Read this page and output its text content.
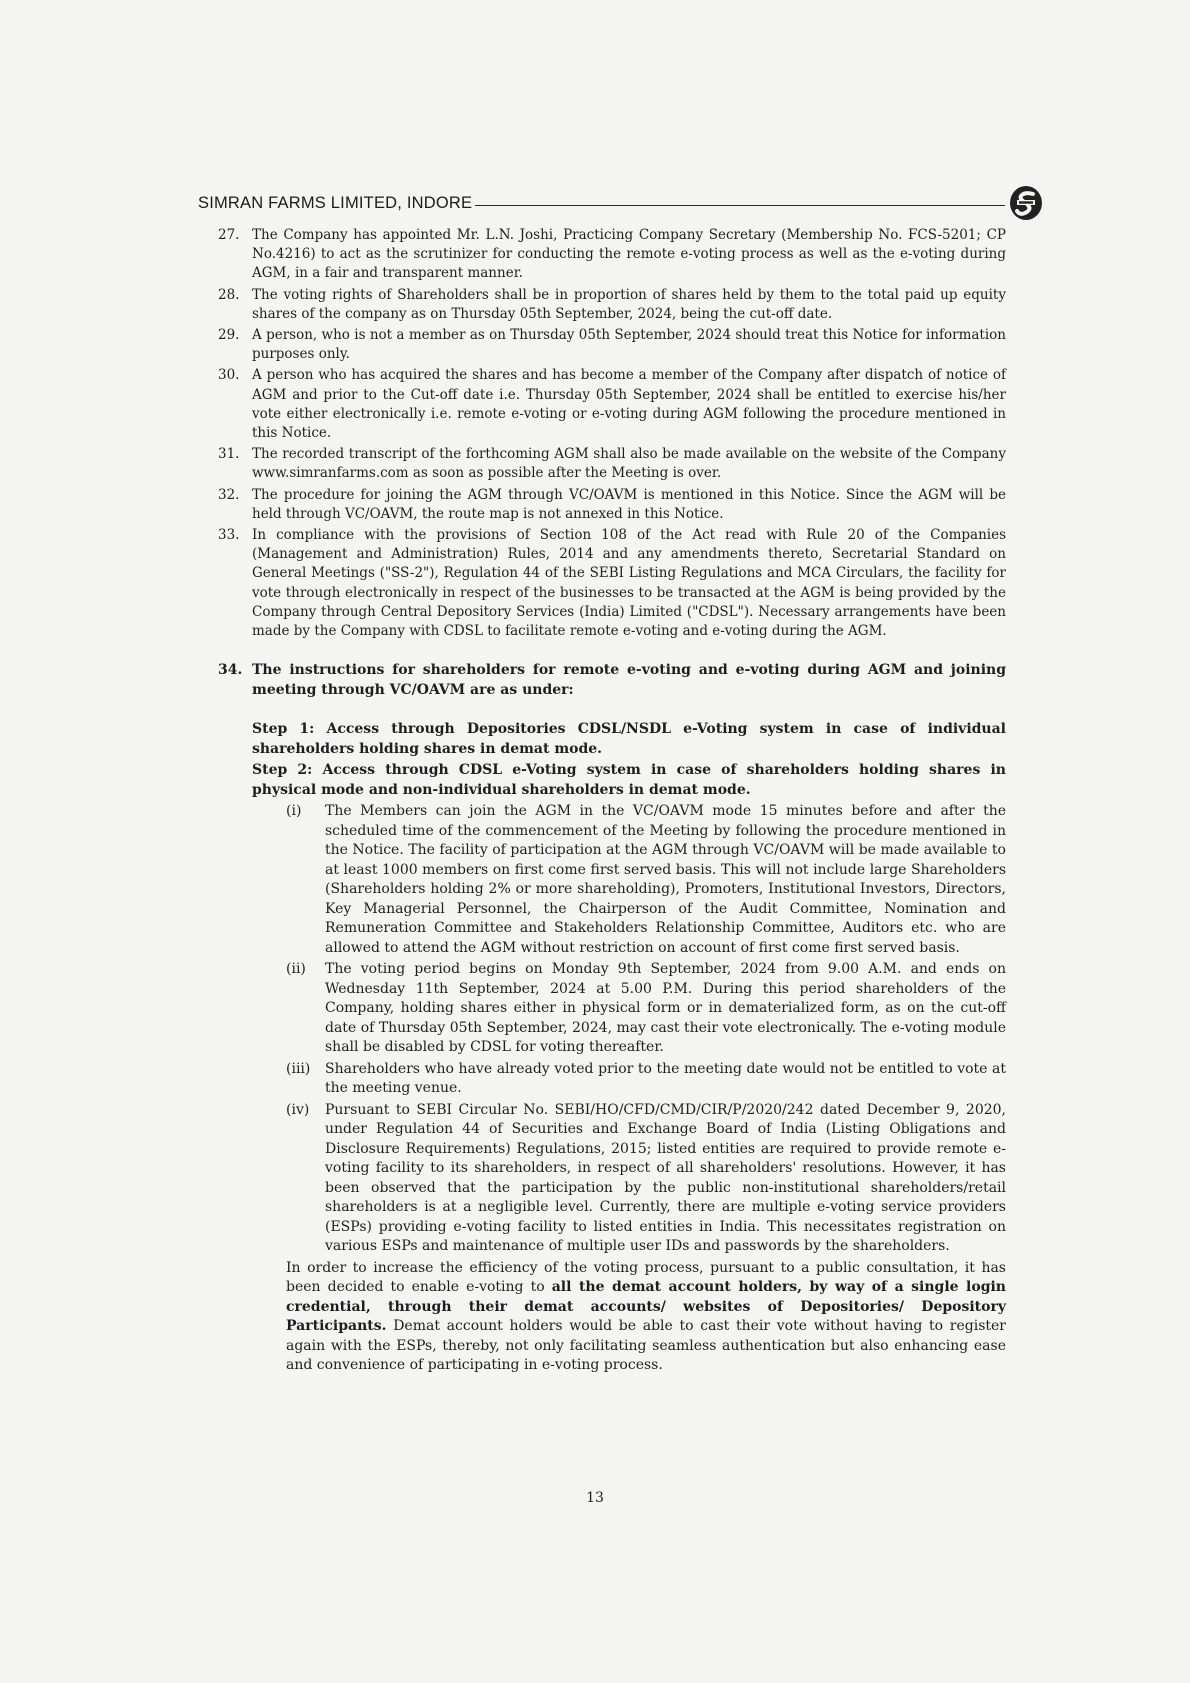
SIMRAN FARMS LIMITED, INDORE
27. The Company has appointed Mr. L.N. Joshi, Practicing Company Secretary (Membership No. FCS-5201; CP No.4216) to act as the scrutinizer for conducting the remote e-voting process as well as the e-voting during AGM, in a fair and transparent manner.
28. The voting rights of Shareholders shall be in proportion of shares held by them to the total paid up equity shares of the company as on Thursday 05th September, 2024, being the cut-off date.
29. A person, who is not a member as on Thursday 05th September, 2024 should treat this Notice for information purposes only.
30. A person who has acquired the shares and has become a member of the Company after dispatch of notice of AGM and prior to the Cut-off date i.e. Thursday 05th September, 2024 shall be entitled to exercise his/her vote either electronically i.e. remote e-voting or e-voting during AGM following the procedure mentioned in this Notice.
31. The recorded transcript of the forthcoming AGM shall also be made available on the website of the Company www.simranfarms.com as soon as possible after the Meeting is over.
32. The procedure for joining the AGM through VC/OAVM is mentioned in this Notice. Since the AGM will be held through VC/OAVM, the route map is not annexed in this Notice.
33. In compliance with the provisions of Section 108 of the Act read with Rule 20 of the Companies (Management and Administration) Rules, 2014 and any amendments thereto, Secretarial Standard on General Meetings ("SS-2"), Regulation 44 of the SEBI Listing Regulations and MCA Circulars, the facility for vote through electronically in respect of the businesses to be transacted at the AGM is being provided by the Company through Central Depository Services (India) Limited ("CDSL"). Necessary arrangements have been made by the Company with CDSL to facilitate remote e-voting and e-voting during the AGM.
34. The instructions for shareholders for remote e-voting and e-voting during AGM and joining meeting through VC/OAVM are as under:
Step 1: Access through Depositories CDSL/NSDL e-Voting system in case of individual shareholders holding shares in demat mode.
Step 2: Access through CDSL e-Voting system in case of shareholders holding shares in physical mode and non-individual shareholders in demat mode.
(i)	The Members can join the AGM in the VC/OAVM mode 15 minutes before and after the scheduled time of the commencement of the Meeting by following the procedure mentioned in the Notice. The facility of participation at the AGM through VC/OAVM will be made available to at least 1000 members on first come first served basis. This will not include large Shareholders (Shareholders holding 2% or more shareholding), Promoters, Institutional Investors, Directors, Key Managerial Personnel, the Chairperson of the Audit Committee, Nomination and Remuneration Committee and Stakeholders Relationship Committee, Auditors etc. who are allowed to attend the AGM without restriction on account of first come first served basis.
(ii)	The voting period begins on Monday 9th September, 2024 from 9.00 A.M. and ends on Wednesday 11th September, 2024 at 5.00 P.M. During this period shareholders of the Company, holding shares either in physical form or in dematerialized form, as on the cut-off date of Thursday 05th September, 2024, may cast their vote electronically. The e-voting module shall be disabled by CDSL for voting thereafter.
(iii)	Shareholders who have already voted prior to the meeting date would not be entitled to vote at the meeting venue.
(iv)	Pursuant to SEBI Circular No. SEBI/HO/CFD/CMD/CIR/P/2020/242 dated December 9, 2020, under Regulation 44 of Securities and Exchange Board of India (Listing Obligations and Disclosure Requirements) Regulations, 2015; listed entities are required to provide remote e-voting facility to its shareholders, in respect of all shareholders' resolutions. However, it has been observed that the participation by the public non-institutional shareholders/retail shareholders is at a negligible level. Currently, there are multiple e-voting service providers (ESPs) providing e-voting facility to listed entities in India. This necessitates registration on various ESPs and maintenance of multiple user IDs and passwords by the shareholders.

In order to increase the efficiency of the voting process, pursuant to a public consultation, it has been decided to enable e-voting to all the demat account holders, by way of a single login credential, through their demat accounts/ websites of Depositories/ Depository Participants. Demat account holders would be able to cast their vote without having to register again with the ESPs, thereby, not only facilitating seamless authentication but also enhancing ease and convenience of participating in e-voting process.

13
